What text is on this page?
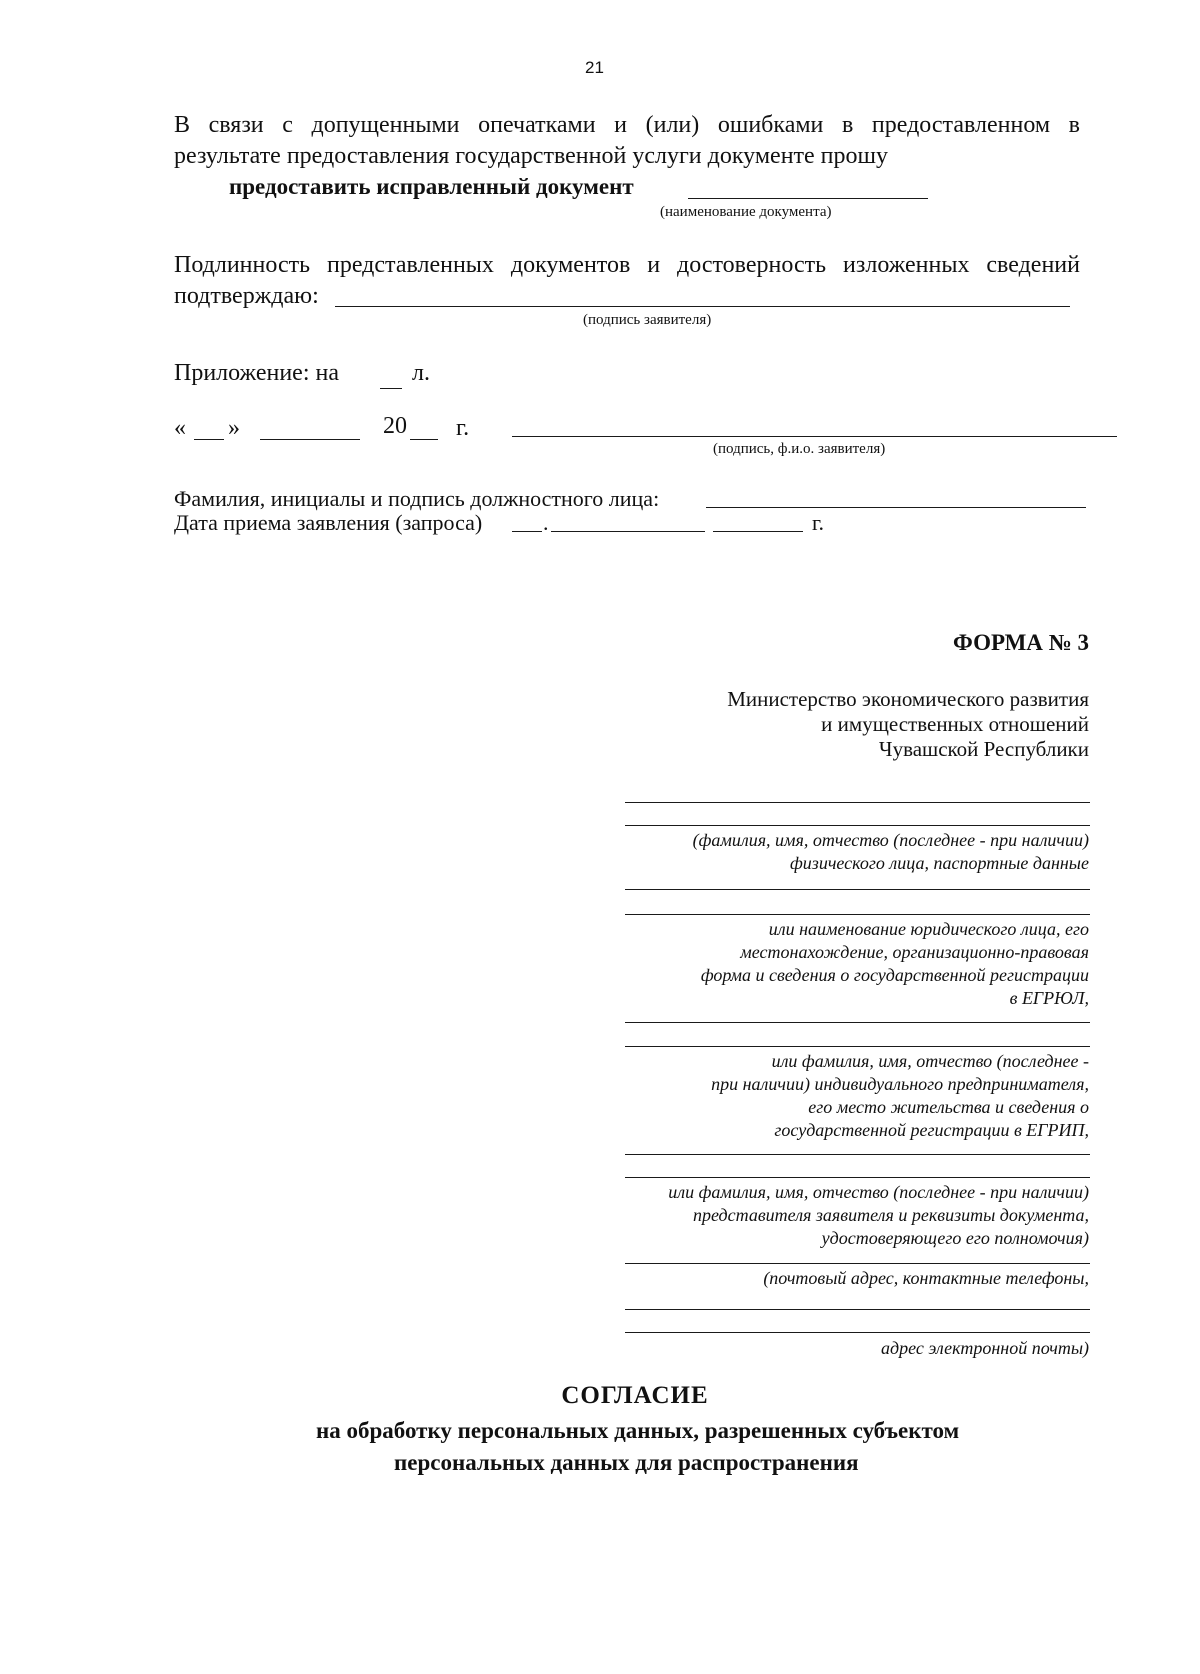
21
В связи с допущенными опечатками и (или) ошибками в предоставленном в
результате предоставления государственной услуги документе прошу
предоставить исправленный документ
(наименование документа)
Подлинность представленных документов и достоверность изложенных сведений
подтверждаю:
(подпись заявителя)
Приложение: на	л.
« »	20 г.
(подпись, ф.и.о. заявителя)
Фамилия, инициалы и подпись должностного лица:
Дата приема заявления (запроса)	.	г.
ФОРМА № 3
Министерство экономического развития
и имущественных отношений
Чувашской Республики
(фамилия, имя, отчество (последнее - при наличии)
физического лица, паспортные данные
или наименование юридического лица, его
местонахождение, организационно-правовая
форма и сведения о государственной регистрации
в ЕГРЮЛ,
или фамилия, имя, отчество (последнее -
при наличии) индивидуального предпринимателя,
его место жительства и сведения о
государственной регистрации в ЕГРИП,
или фамилия, имя, отчество (последнее - при наличии)
представителя заявителя и реквизиты документа,
удостоверяющего его полномочия)
(почтовый адрес, контактные телефоны,
адрес электронной почты)
СОГЛАСИЕ
на обработку персональных данных, разрешенных субъектом
персональных данных для распространения
